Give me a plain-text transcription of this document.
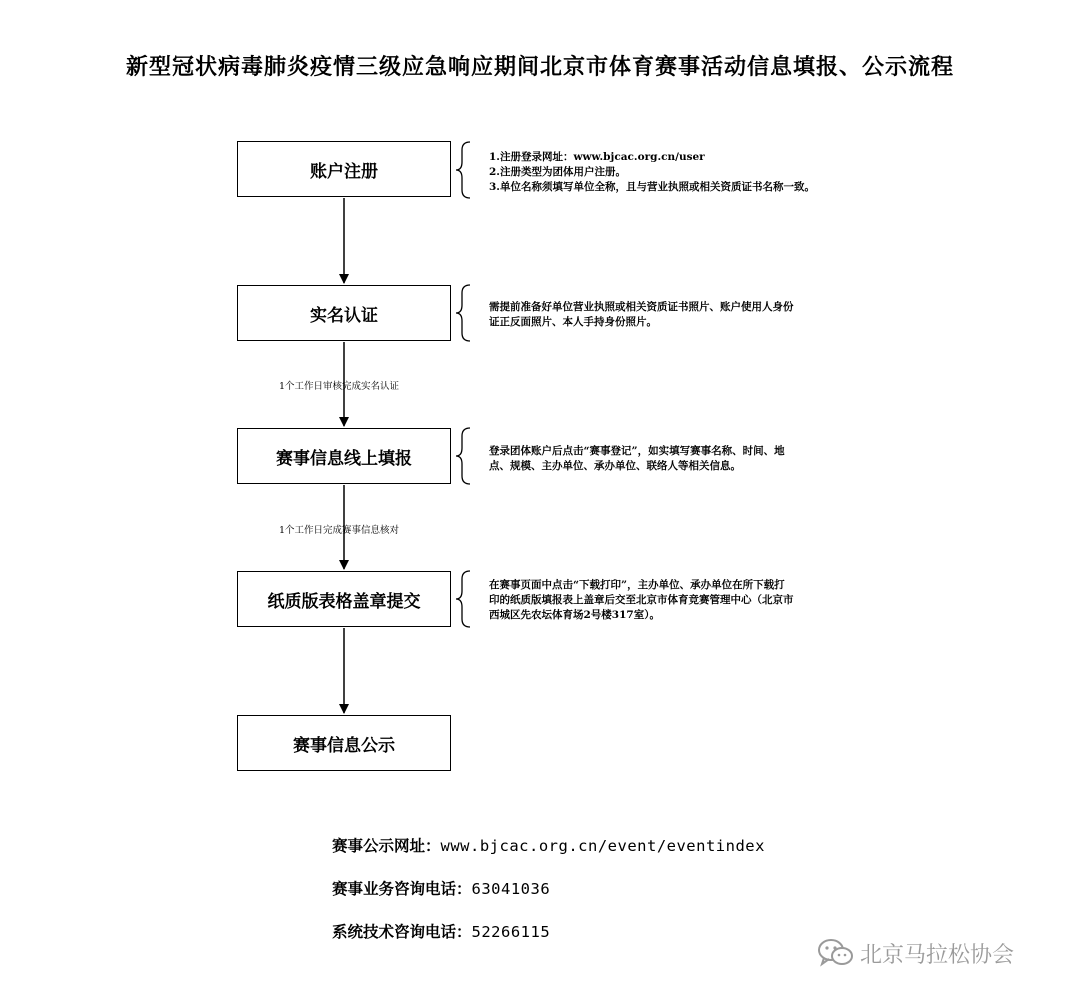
新型冠状病毒肺炎疫情三级应急响应期间北京市体育赛事活动信息填报、公示流程
账户注册
实名认证
赛事信息线上填报
纸质版表格盖章提交
赛事信息公示
1.注册登录网址：www.bjcac.org.cn/user
2.注册类型为团体用户注册。
3.单位名称须填写单位全称，且与营业执照或相关资质证书名称一致。
需提前准备好单位营业执照或相关资质证书照片、账户使用人身份
证正反面照片、本人手持身份照片。
登录团体账户后点击“赛事登记”，如实填写赛事名称、时间、地
点、规模、主办单位、承办单位、联络人等相关信息。
在赛事页面中点击“下载打印”，主办单位、承办单位在所下载打
印的纸质版填报表上盖章后交至北京市体育竞赛管理中心（北京市
西城区先农坛体育场2号楼317室）。
1个工作日审核完成实名认证
1个工作日完成赛事信息核对
赛事公示网址：www.bjcac.org.cn/event/eventindex
赛事业务咨询电话：63041036
系统技术咨询电话：52266115
北京马拉松协会
